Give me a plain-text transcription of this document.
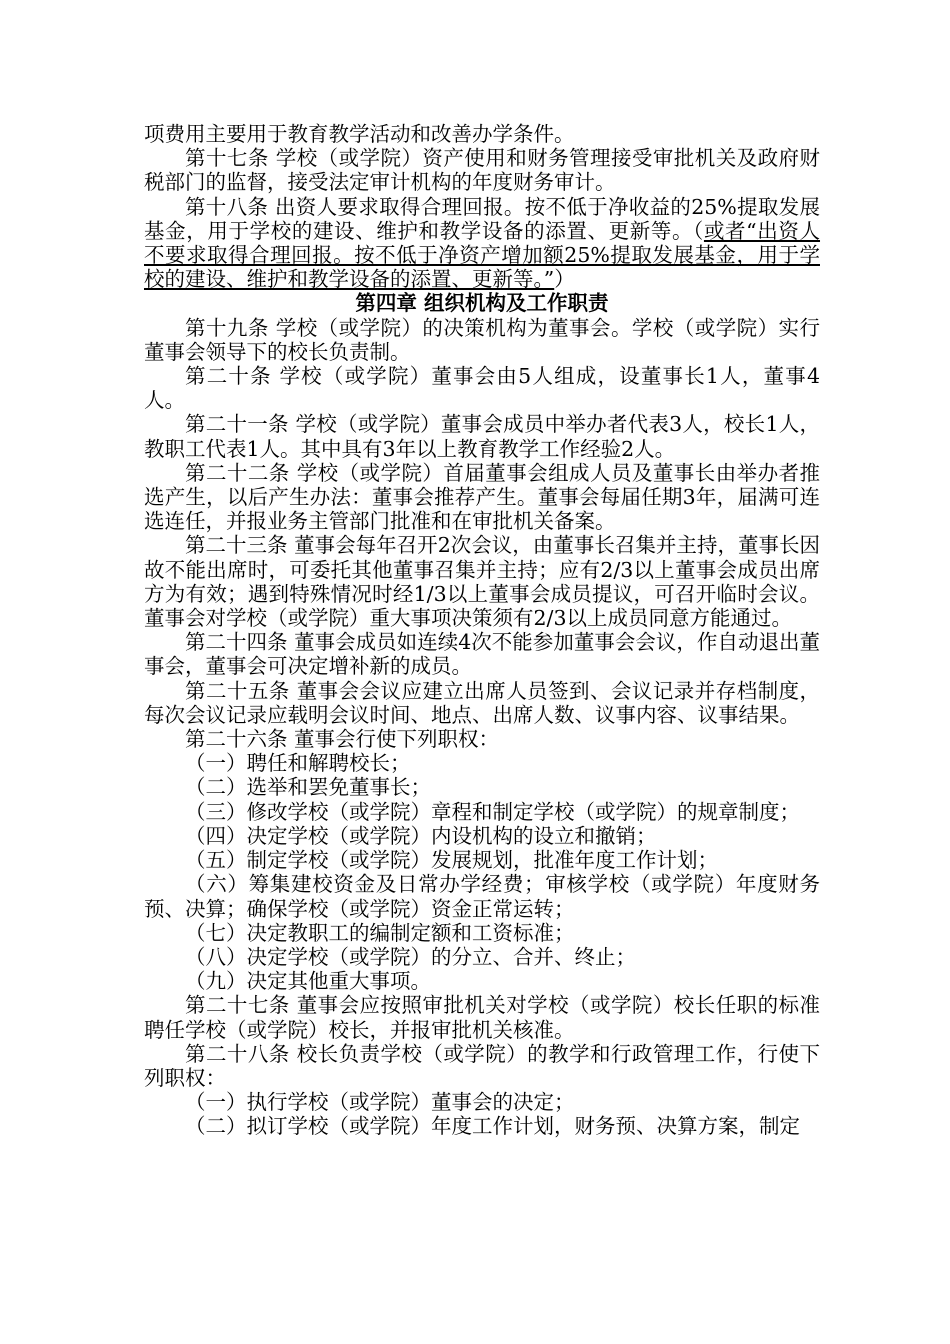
项费用主要用于教育教学活动和改善办学条件。

第十七条 学校（或学院）资产使用和财务管理接受审批机关及政府财税部门的监督，接受法定审计机构的年度财务审计。

第十八条 出资人要求取得合理回报。按不低于净收益的25%提取发展基金，用于学校的建设、维护和教学设备的添置、更新等。（或者“出资人不要求取得合理回报。按不低于净资产增加额25%提取发展基金，用于学校的建设、维护和教学设备的添置、更新等。”）

第四章 组织机构及工作职责

第十九条 学校（或学院）的决策机构为董事会。学校（或学院）实行董事会领导下的校长负责制。

第二十条 学校（或学院）董事会由5人组成，设董事长1人，董事4人。

第二十一条 学校（或学院）董事会成员中举办者代表3人，校长1人，教职工代表1人。其中具有3年以上教育教学工作经验2人。

第二十二条 学校（或学院）首届董事会组成人员及董事长由举办者推选产生，以后产生办法：董事会推荐产生。董事会每届任期3年，届满可连选连任，并报业务主管部门批准和在审批机关备案。

第二十三条 董事会每年召开2次会议，由董事长召集并主持，董事长因故不能出席时，可委托其他董事召集并主持；应有2/3以上董事会成员出席方为有效；遇到特殊情况时经1/3以上董事会成员提议，可召开临时会议。董事会对学校（或学院）重大事项决策须有2/3以上成员同意方能通过。

第二十四条 董事会成员如连续4次不能参加董事会会议，作自动退出董事会，董事会可决定增补新的成员。

第二十五条 董事会会议应建立出席人员签到、会议记录并存档制度，每次会议记录应载明会议时间、地点、出席人数、议事内容、议事结果。

第二十六条 董事会行使下列职权：

（一）聘任和解聘校长；

（二）选举和罢免董事长；

（三）修改学校（或学院）章程和制定学校（或学院）的规章制度；

（四）决定学校（或学院）内设机构的设立和撤销；

（五）制定学校（或学院）发展规划，批准年度工作计划；

（六）筹集建校资金及日常办学经费；审核学校（或学院）年度财务预、决算；确保学校（或学院）资金正常运转；

（七）决定教职工的编制定额和工资标准；

（八）决定学校（或学院）的分立、合并、终止；

（九）决定其他重大事项。

第二十七条 董事会应按照审批机关对学校（或学院）校长任职的标准聘任学校（或学院）校长，并报审批机关核准。

第二十八条 校长负责学校（或学院）的教学和行政管理工作，行使下列职权：

（一）执行学校（或学院）董事会的决定；

（二）拟订学校（或学院）年度工作计划，财务预、决算方案，制定
